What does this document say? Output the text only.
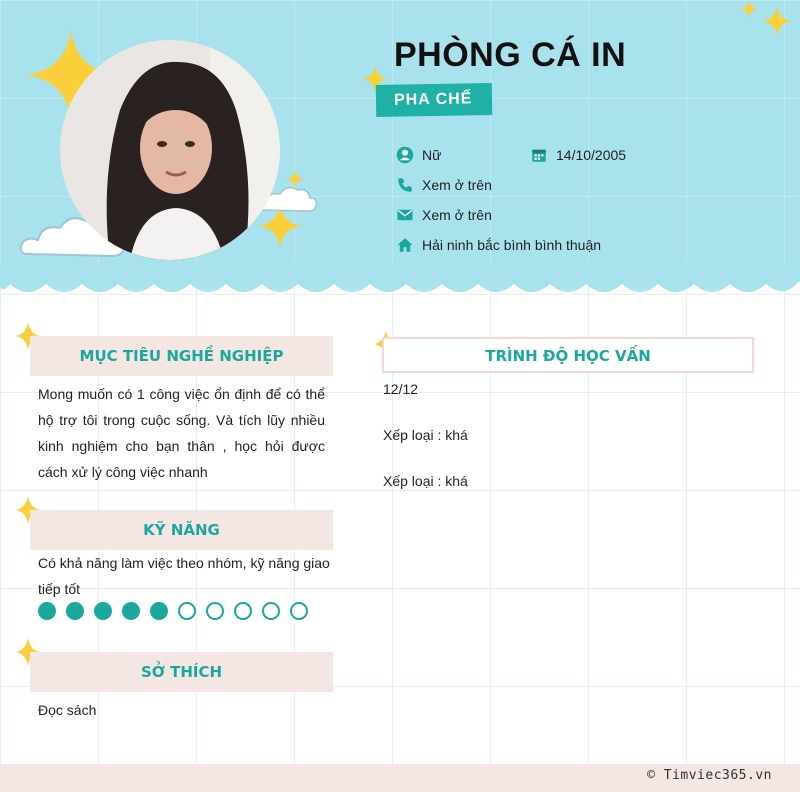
PHÒNG CÁ IN
PHA CHẾ
Nữ	14/10/2005
Xem ở trên
Xem ở trên
Hải ninh bắc bình bình thuận
MỤC TIÊU NGHỀ NGHIỆP
Mong muốn có 1 công việc ổn định để có thể hộ trợ tôi trong cuộc sống. Và tích lũy nhiều kinh nghiệm cho bạn thân , học hỏi được cách xử lý công việc nhanh
KỸ NĂNG
Có khả năng làm việc theo nhóm, kỹ năng giao tiếp tốt
SỞ THÍCH
Đọc sách
TRÌNH ĐỘ HỌC VẤN
12/12
Xếp loại : khá
Xếp loại : khá
© Timviec365.vn
